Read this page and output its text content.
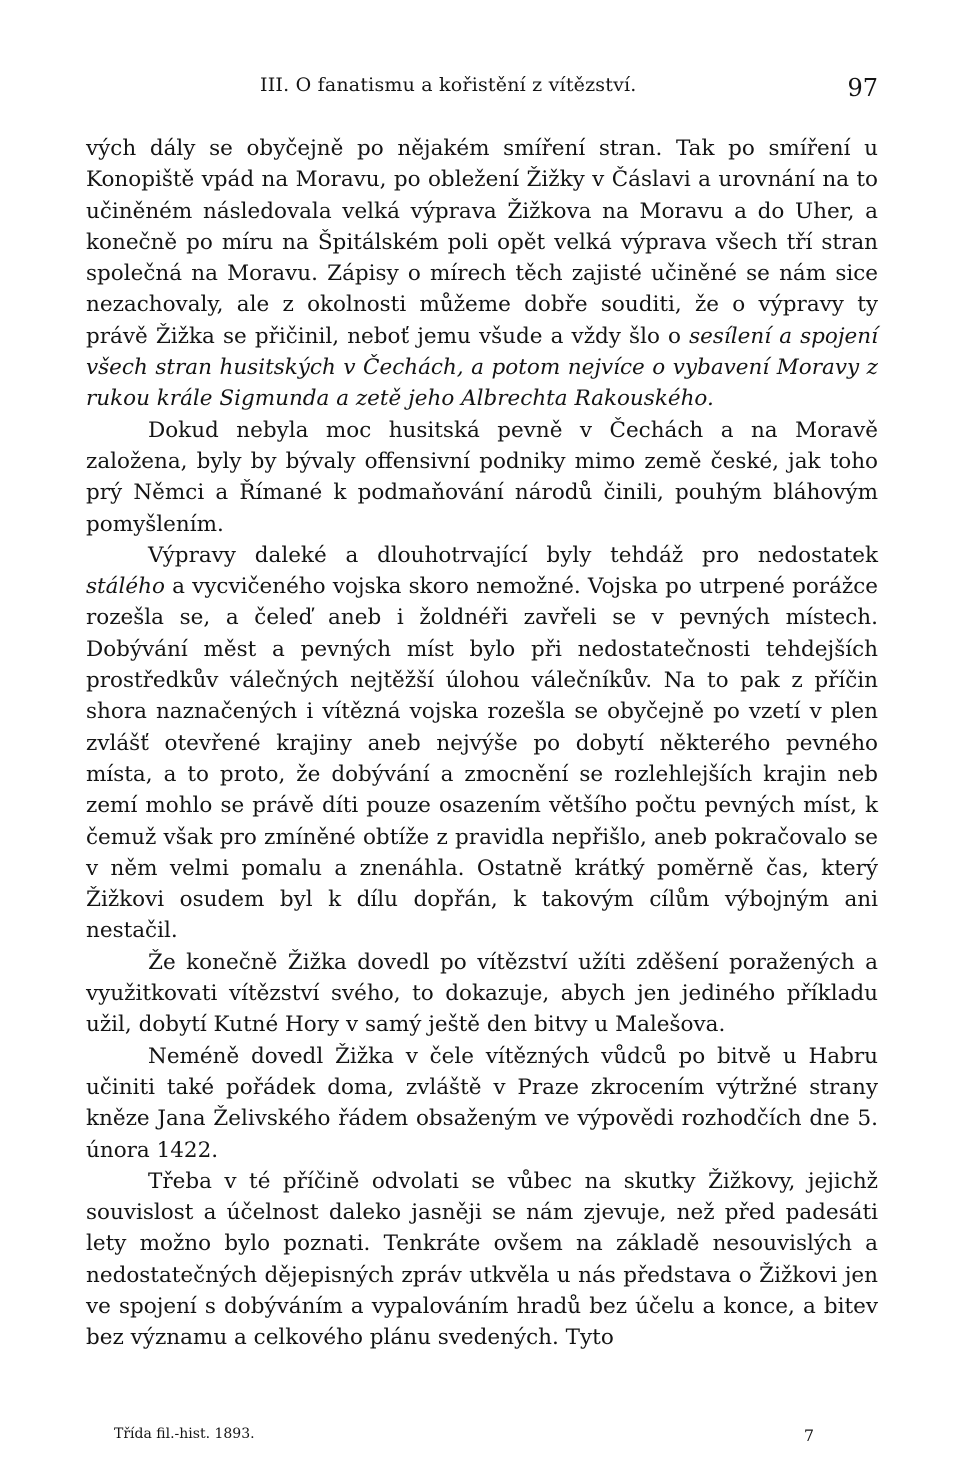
III. O fanatismu a kořistění z vítězství.	97

vých dály se obyčejně po nějakém smíření stran. Tak po smíření u Konopiště vpád na Moravu, po obležení Žižky v Čáslavi a urovnání na to učiněném následovala velká výprava Žižkova na Moravu a do Uher, a konečně po míru na Špitálském poli opět velká výprava všech tří stran společná na Moravu. Zápisy o mírech těch zajisté učiněné se nám sice nezachovaly, ale z okolnosti můžeme dobře souditi, že o výpravy ty právě Žižka se přičinil, neboť jemu všude a vždy šlo o sesílení a spojení všech stran husitských v Čechách, a potom nejvíce o vybavení Moravy z rukou krále Sigmunda a zetě jeho Albrechta Rakouského.

Dokud nebyla moc husitská pevně v Čechách a na Moravě založena, byly by bývaly offensivní podniky mimo země české, jak toho prý Němci a Římané k podmaňování národů činili, pouhým bláhovým pomyšlením.

Výpravy daleké a dlouhotrvající byly tehdáž pro nedostatek stálého a vycvičeného vojska skoro nemožné. Vojska po utrpené porážce rozešla se, a čeleď aneb i žoldnéři zavřeli se v pevných místech. Dobývání měst a pevných míst bylo při nedostatečnosti tehdejších prostředkův válečných nejtěžší úlohou válečníkův. Na to pak z příčin shora naznačených i vítězná vojska rozešla se obyčejně po vzetí v plen zvlášť otevřené krajiny aneb nejvýše po dobytí některého pevného místa, a to proto, že dobývání a zmocnění se rozlehlejších krajin neb zemí mohlo se právě díti pouze osazením většího počtu pevných míst, k čemuž však pro zmíněné obtíže z pravidla nepřišlo, aneb pokračovalo se v něm velmi pomalu a znenáhla. Ostatně krátký poměrně čas, který Žižkovi osudem byl k dílu dopřán, k takovým cílům výbojným ani nestačil.

Že konečně Žižka dovedl po vítězství užíti zděšení poražených a využitkovati vítězství svého, to dokazuje, abych jen jediného příkladu užil, dobytí Kutné Hory v samý ještě den bitvy u Malešova.

Neméně dovedl Žižka v čele vítězných vůdců po bitvě u Habru učiniti také pořádek doma, zvláště v Praze zkrocením výtržné strany kněze Jana Želivského řádem obsaženým ve výpovědi rozhodčích dne 5. února 1422.

Třeba v té příčině odvolati se vůbec na skutky Žižkovy, jejichž souvislost a účelnost daleko jasněji se nám zjevuje, než před padesáti lety možno bylo poznati. Tenkráte ovšem na základě nesouvislých a nedostatečných dějepisných zpráv utkvěla u nás představa o Žižkovi jen ve spojení s dobýváním a vypalováním hradů bez účelu a konce, a bitev bez významu a celkového plánu svedených. Tyto

Třída fil.-hist. 1893.	7
